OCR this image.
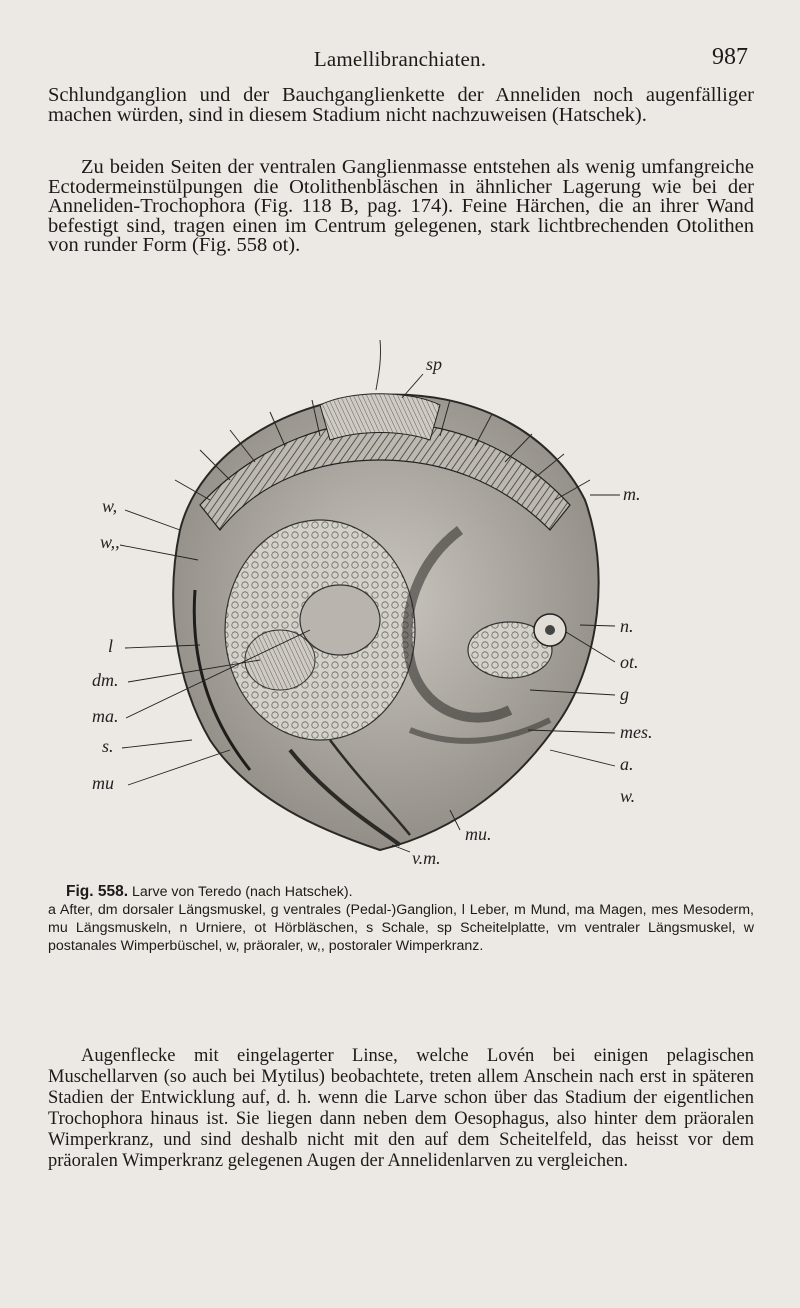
Lamellibranchiaten.	987

Schlundganglion und der Bauchganglienkette der Anneliden noch augenfälliger machen würden, sind in diesem Stadium nicht nachzuweisen (Hatschek).

Zu beiden Seiten der ventralen Ganglienmasse entstehen als wenig umfangreiche Ectodermeinstülpungen die Otolithenbläschen in ähnlicher Lagerung wie bei der Anneliden-Trochophora (Fig. 118 B, pag. 174). Feine Härchen, die an ihrer Wand befestigt sind, tragen einen im Centrum gelegenen, stark lichtbrechenden Otolithen von runder Form (Fig. 558 ot).

sp
w,
w,,
l
dm.
ma.
s.
mu
m.
n.
ot.
g
mes.
a.
w.
mu.
v.m.
Fig. 558. Larve von Teredo (nach Hatschek).
a After, dm dorsaler Längsmuskel, g ventrales (Pedal-)Ganglion, l Leber, m Mund, ma Magen, mes Mesoderm, mu Längsmuskeln, n Urniere, ot Hörbläschen, s Schale, sp Scheitelplatte, vm ventraler Längsmuskel, w postanales Wimperbüschel, w, präoraler, w,, postoraler Wimperkranz.

Augenflecke mit eingelagerter Linse, welche Lovén bei einigen pelagischen Muschellarven (so auch bei Mytilus) beobachtete, treten allem Anschein nach erst in späteren Stadien der Entwicklung auf, d. h. wenn die Larve schon über das Stadium der eigentlichen Trochophora hinaus ist. Sie liegen dann neben dem Oesophagus, also hinter dem präoralen Wimperkranz, und sind deshalb nicht mit den auf dem Scheitelfeld, das heisst vor dem präoralen Wimperkranz gelegenen Augen der Annelidenlarven zu vergleichen.
